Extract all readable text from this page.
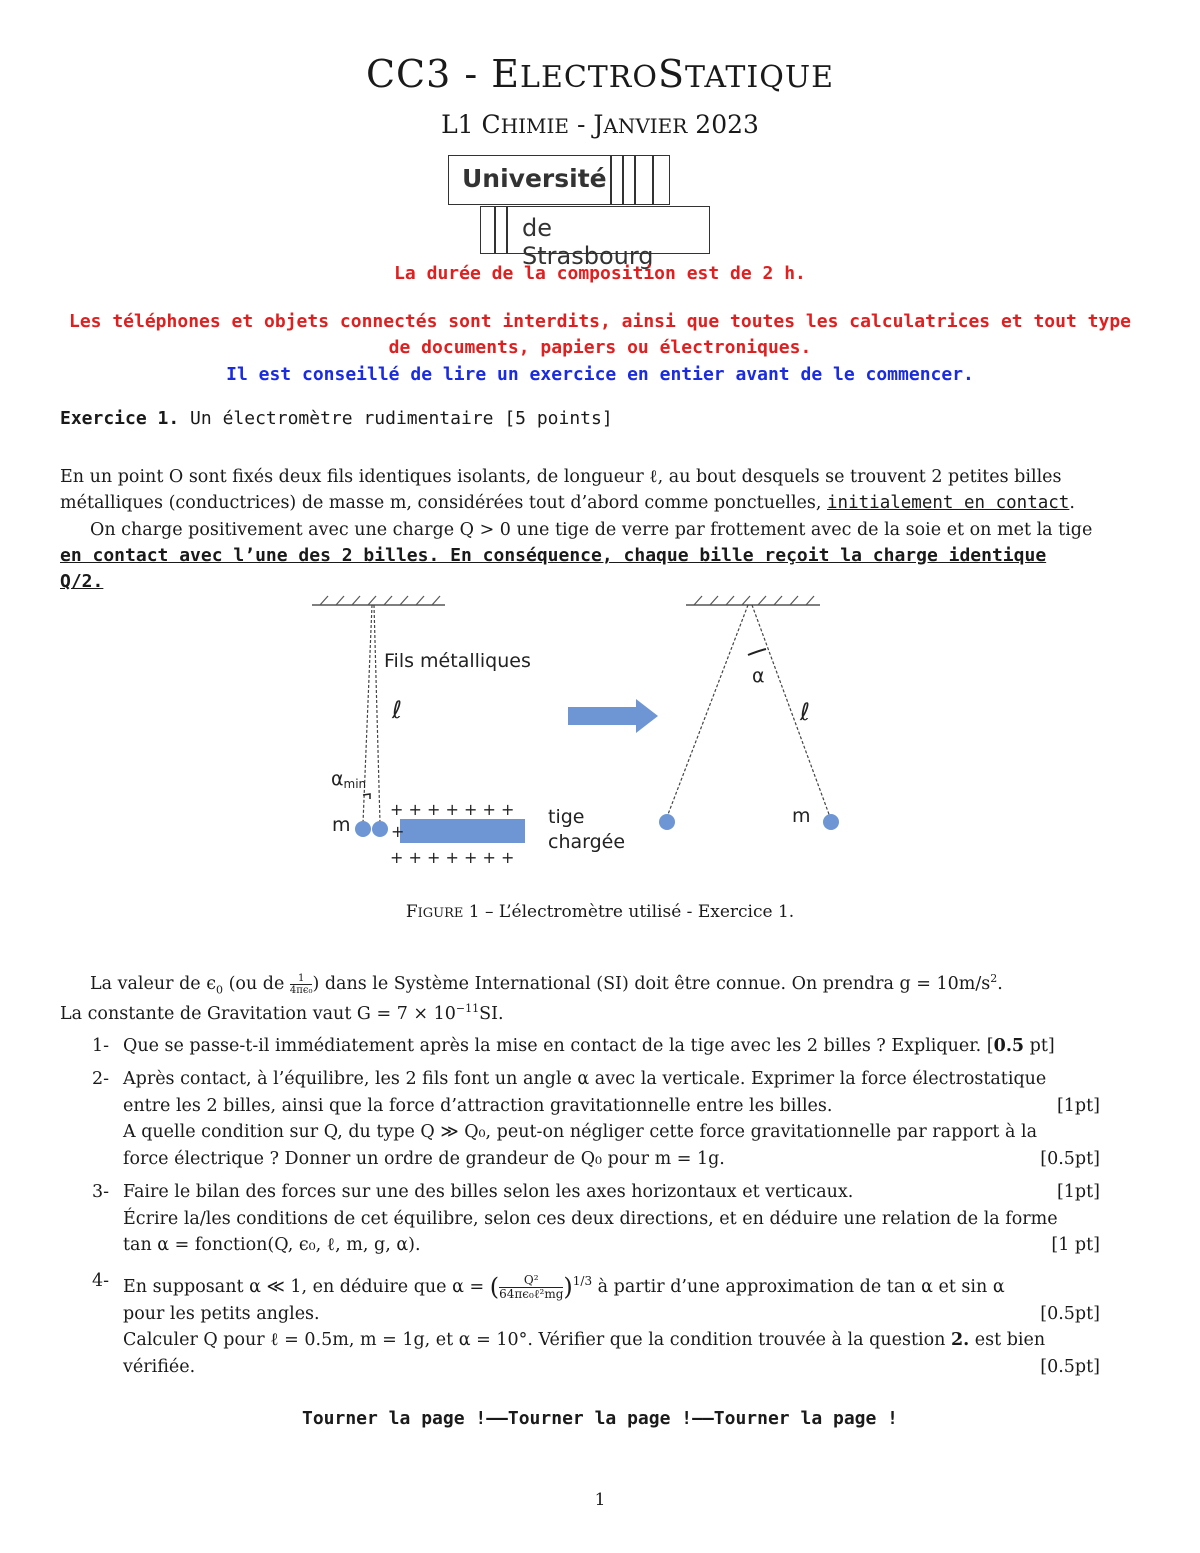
CC3 - ELECTROSTATIQUE
L1 CHIMIE - JANVIER 2023
Université
de Strasbourg
La durée de la composition est de 2 h.
Les téléphones et objets connectés sont interdits, ainsi que toutes les calculatrices et tout type
de documents, papiers ou électroniques.
Il est conseillé de lire un exercice en entier avant de le commencer.
Exercice 1. Un électromètre rudimentaire [5 points]
En un point O sont fixés deux fils identiques isolants, de longueur ℓ, au bout desquels se trouvent 2 petites billes
métalliques (conductrices) de masse m, considérées tout d’abord comme ponctuelles, initialement en contact.
On charge positivement avec une charge Q > 0 une tige de verre par frottement avec de la soie et on met la tige
en contact avec l’une des 2 billes. En conséquence, chaque bille reçoit la charge identique Q/2.
Fils métalliques
ℓ
αmin
m
+ + + + + + +
+
+ + + + + + +
tige
chargée
α
ℓ
m
FIGURE 1 – L’électromètre utilisé - Exercice 1.
La valeur de $\epsilon_0$ (ou de $\frac{1}{\text{4πϵ₀}}$ ) dans le Système International (SI) doit être connue. On prendra $g = 10m/s^2$.
La constante de Gravitation vaut $G = 7 \times 10^{-11}SI$.
1- Que se passe-t-il immédiatement après la mise en contact de la tige avec les 2 billes ? Expliquer. [0.5 pt]
2- Après contact, à l’équilibre, les 2 fils font un angle α avec la verticale. Exprimer la force électrostatique
entre les 2 billes, ainsi que la force d’attraction gravitationnelle entre les billes.	[1pt]
A quelle condition sur Q, du type Q ≫ Q₀, peut-on négliger cette force gravitationnelle par rapport à la
force électrique ? Donner un ordre de grandeur de Q₀ pour m = 1g.	[0.5pt]
3- Faire le bilan des forces sur une des billes selon les axes horizontaux et verticaux.	[1pt]
Écrire la/les conditions de cet équilibre, selon ces deux directions, et en déduire une relation de la forme
tan α = fonction(Q, ϵ₀, ℓ, m, g, α).	[1 pt]
4- En supposant α ≪ 1, en déduire que α = (	Q²
64πϵ₀ℓ²mg )$^{1/3}$ à partir d’une approximation de tan α et sin α
pour les petits angles.	[0.5pt]
Calculer Q pour ℓ = 0.5m, m = 1g, et α = 10°. Vérifier que la condition trouvée à la question 2. est bien
vérifiée.	[0.5pt]
Tourner la page !—–Tourner la page !—–Tourner la page !
1
